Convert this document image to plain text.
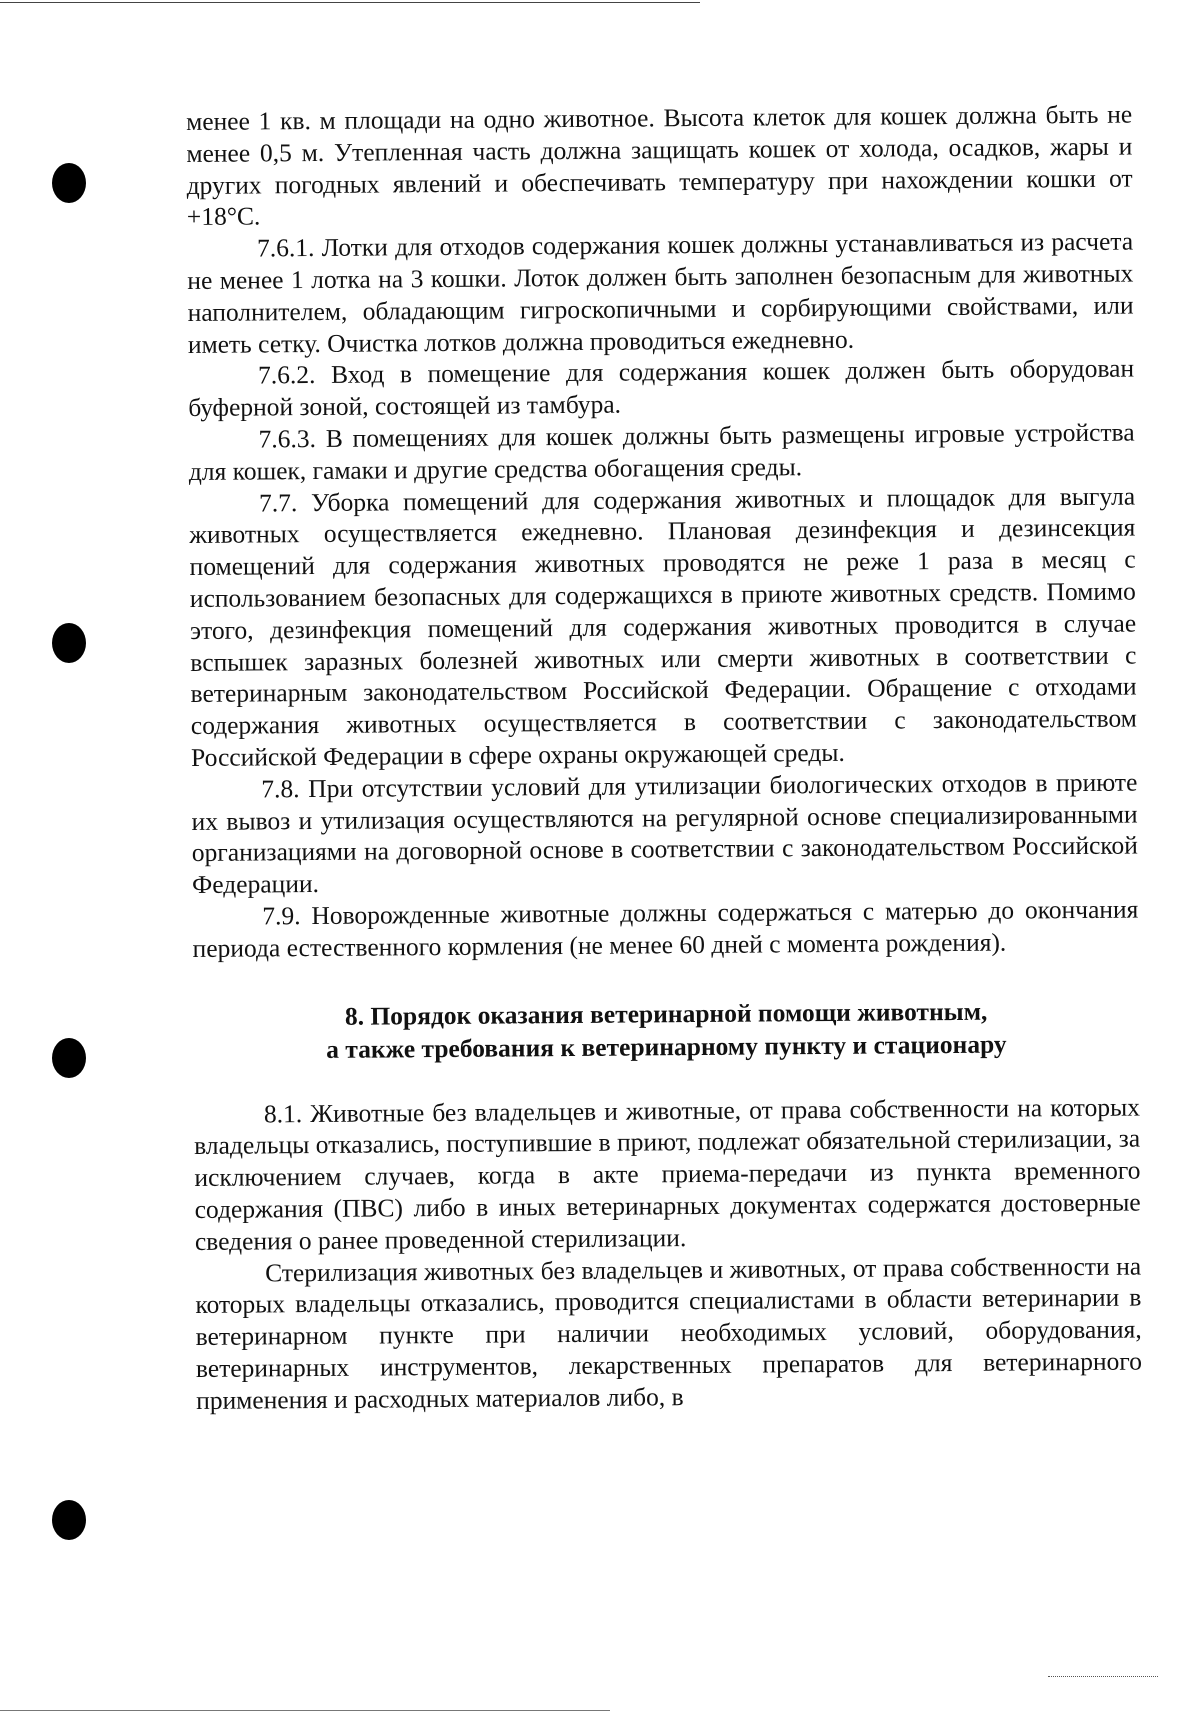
менее 1 кв. м площади на одно животное. Высота клеток для кошек должна быть не менее 0,5 м. Утепленная часть должна защищать кошек от холода, осадков, жары и других погодных явлений и обеспечивать температуру при нахождении кошки от +18°С.

7.6.1. Лотки для отходов содержания кошек должны устанавливаться из расчета не менее 1 лотка на 3 кошки. Лоток должен быть заполнен безопасным для животных наполнителем, обладающим гигроскопичными и сорбирующими свойствами, или иметь сетку. Очистка лотков должна проводиться ежедневно.

7.6.2. Вход в помещение для содержания кошек должен быть оборудован буферной зоной, состоящей из тамбура.

7.6.3. В помещениях для кошек должны быть размещены игровые устройства для кошек, гамаки и другие средства обогащения среды.

7.7. Уборка помещений для содержания животных и площадок для выгула животных осуществляется ежедневно. Плановая дезинфекция и дезинсекция помещений для содержания животных проводятся не реже 1 раза в месяц с использованием безопасных для содержащихся в приюте животных средств. Помимо этого, дезинфекция помещений для содержания животных проводится в случае вспышек заразных болезней животных или смерти животных в соответствии с ветеринарным законодательством Российской Федерации. Обращение с отходами содержания животных осуществляется в соответствии с законодательством Российской Федерации в сфере охраны окружающей среды.

7.8. При отсутствии условий для утилизации биологических отходов в приюте их вывоз и утилизация осуществляются на регулярной основе специализированными организациями на договорной основе в соответствии с законодательством Российской Федерации.

7.9. Новорожденные животные должны содержаться с матерью до окончания периода естественного кормления (не менее 60 дней с момента рождения).

8. Порядок оказания ветеринарной помощи животным,
а также требования к ветеринарному пункту и стационару

8.1. Животные без владельцев и животные, от права собственности на которых владельцы отказались, поступившие в приют, подлежат обязательной стерилизации, за исключением случаев, когда в акте приема-передачи из пункта временного содержания (ПВС) либо в иных ветеринарных документах содержатся достоверные сведения о ранее проведенной стерилизации.

Стерилизация животных без владельцев и животных, от права собственности на которых владельцы отказались, проводится специалистами в области ветеринарии в ветеринарном пункте при наличии необходимых условий, оборудования, ветеринарных инструментов, лекарственных препаратов для ветеринарного применения и расходных материалов либо, в
